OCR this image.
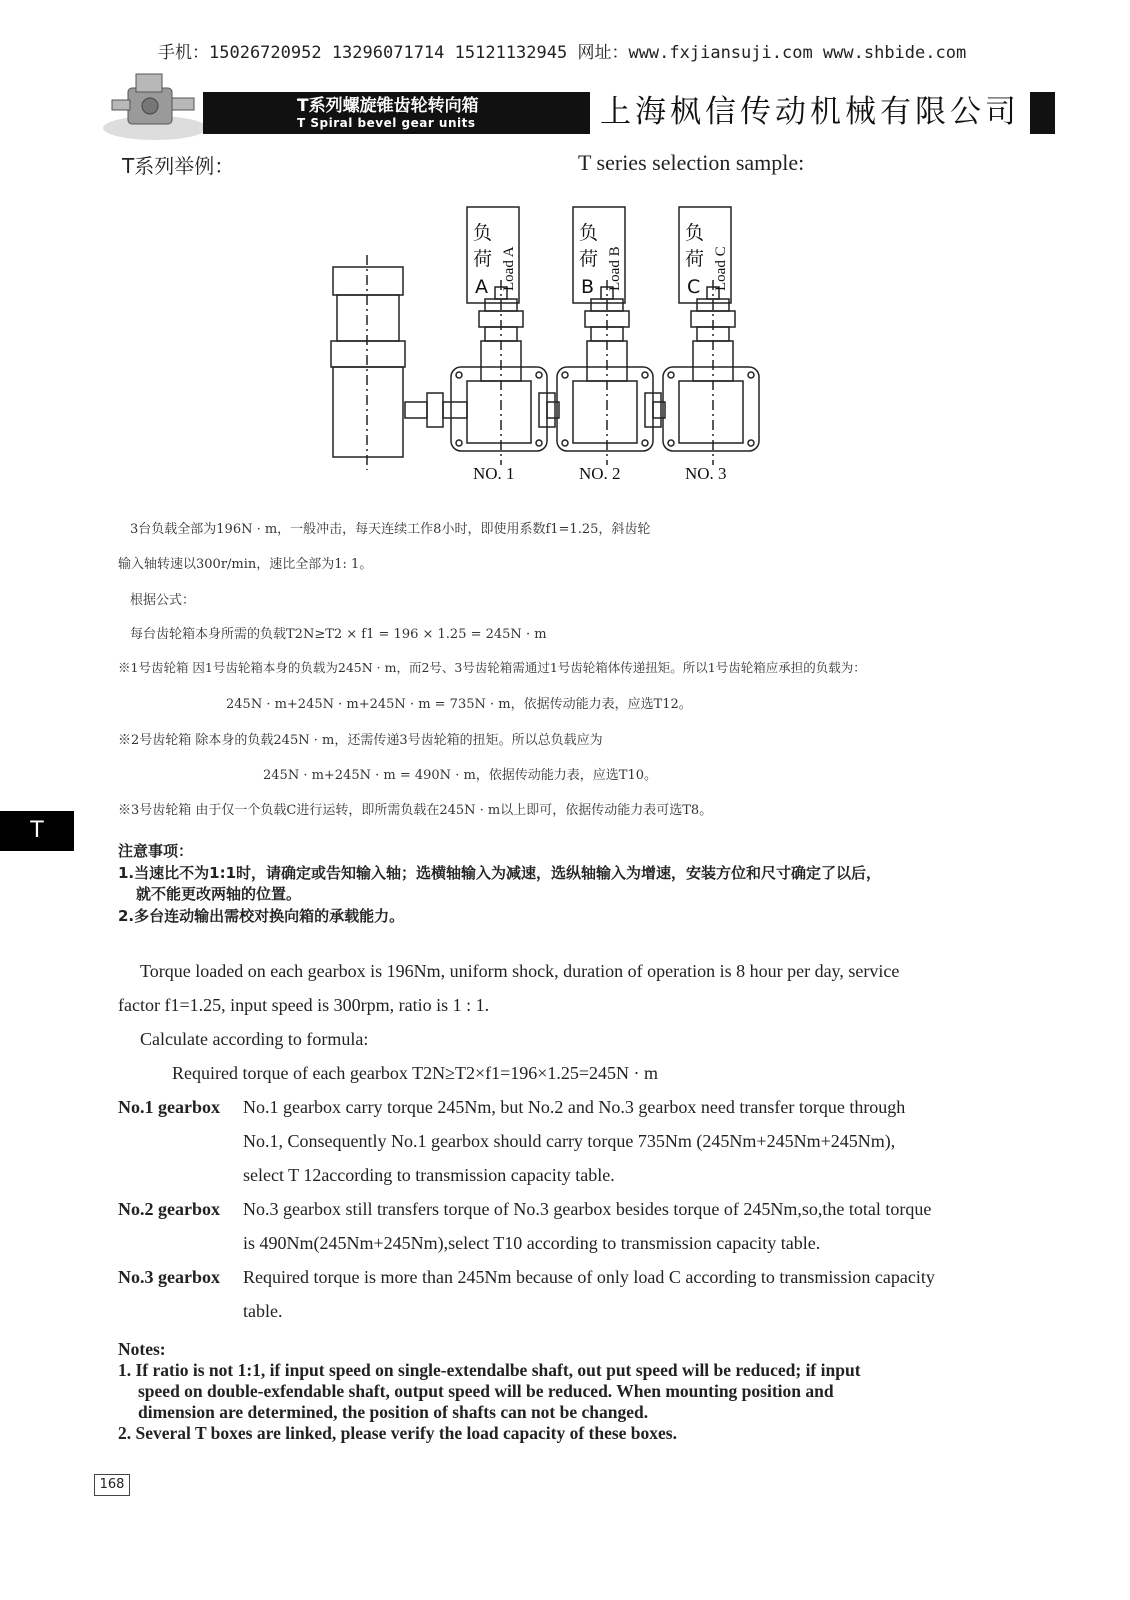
手机：15026720952 13296071714 15121132945 网址：www.fxjiansuji.com www.shbide.com
T系列螺旋锥齿轮转向箱
T Spiral bevel gear units	上海枫信传动机械有限公司
T系列举例：	T series selection sample:
负
荷
A
负
荷
B
负
荷
C
Load A	Load B	Load C
NO. 1	NO. 2	NO. 3
3台负载全部为196N · m，一般冲击，每天连续工作8小时，即使用系数f1=1.25，斜齿轮
输入轴转速以300r/min，速比全部为1: 1。
根据公式：
每台齿轮箱本身所需的负载T2N≥T2 × f1 = 196 × 1.25 = 245N · m
※1号齿轮箱 因1号齿轮箱本身的负载为245N · m，而2号、3号齿轮箱需通过1号齿轮箱体传递扭矩。所以1号齿轮箱应承担的负载为：
245N · m+245N · m+245N · m = 735N · m，依据传动能力表，应选T12。
※2号齿轮箱 除本身的负载245N · m，还需传递3号齿轮箱的扭矩。所以总负载应为
245N · m+245N · m = 490N · m，依据传动能力表，应选T10。
※3号齿轮箱 由于仅一个负载C进行运转，即所需负载在245N · m以上即可，依据传动能力表可选T8。
T
注意事项：
1.当速比不为1:1时，请确定或告知输入轴；选横轴输入为减速，选纵轴输入为增速，安装方位和尺寸确定了以后，
就不能更改两轴的位置。
2.多台连动输出需校对换向箱的承载能力。
Torque loaded on each gearbox is 196Nm, uniform shock, duration of operation is 8 hour per day, service
factor f1=1.25, input speed is 300rpm, ratio is 1 : 1.
Calculate according to formula:
Required torque of each gearbox T2N≥T2×f1=196×1.25=245N · m
No.1 gearbox No.1 gearbox carry torque 245Nm, but No.2 and No.3 gearbox need transfer torque through
No.1, Consequently No.1 gearbox should carry torque 735Nm (245Nm+245Nm+245Nm),
select T 12according to transmission capacity table.
No.2 gearbox No.3 gearbox still transfers torque of No.3 gearbox besides torque of 245Nm,so,the total torque
is 490Nm(245Nm+245Nm),select T10 according to transmission capacity table.
No.3 gearbox Required torque is more than 245Nm because of only load C according to transmission capacity
table.
Notes:
1. If ratio is not 1:1, if input speed on single-extendalbe shaft, out put speed will be reduced; if input
speed on double-exfendable shaft, output speed will be reduced. When mounting position and
dimension are determined, the position of shafts can not be changed.
2. Several T boxes are linked, please verify the load capacity of these boxes.
168
